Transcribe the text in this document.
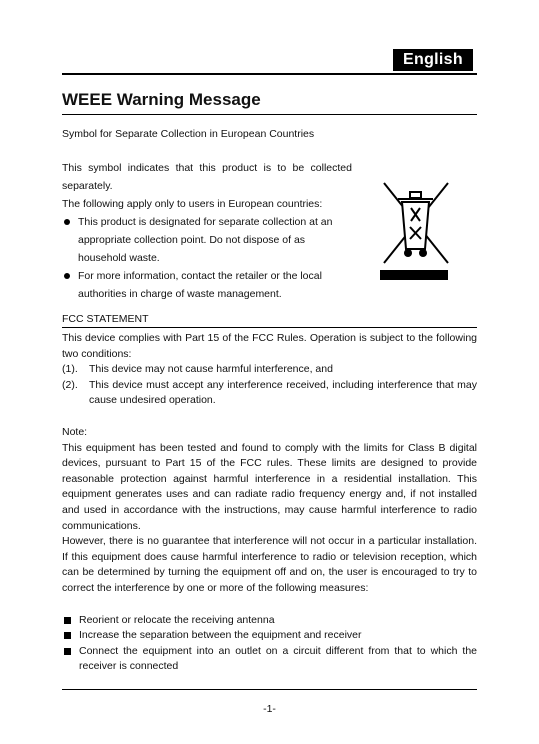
English
WEEE Warning Message

Symbol for Separate Collection in European Countries

This symbol indicates that this product is to be collected separately.
The following apply only to users in European countries:
This product is designated for separate collection at an appropriate collection point. Do not dispose of as household waste.
For more information, contact the retailer or the local authorities in charge of waste management.

FCC STATEMENT

This device complies with Part 15 of the FCC Rules. Operation is subject to the following two conditions:

(1). This device may not cause harmful interference, and
(2). This device must accept any interference received, including interference that may cause undesired operation.

Note:

This equipment has been tested and found to comply with the limits for Class B digital devices, pursuant to Part 15 of the FCC rules. These limits are designed to provide reasonable protection against harmful interference in a residential installation. This equipment generates uses and can radiate radio frequency energy and, if not installed and used in accordance with the instructions, may cause harmful interference to radio communications.

However, there is no guarantee that interference will not occur in a particular installation. If this equipment does cause harmful interference to radio or television reception, which can be determined by turning the equipment off and on, the user is encouraged to try to correct the interference by one or more of the following measures:

Reorient or relocate the receiving antenna
Increase the separation between the equipment and receiver
Connect the equipment into an outlet on a circuit different from that to which the receiver is connected
-1-
